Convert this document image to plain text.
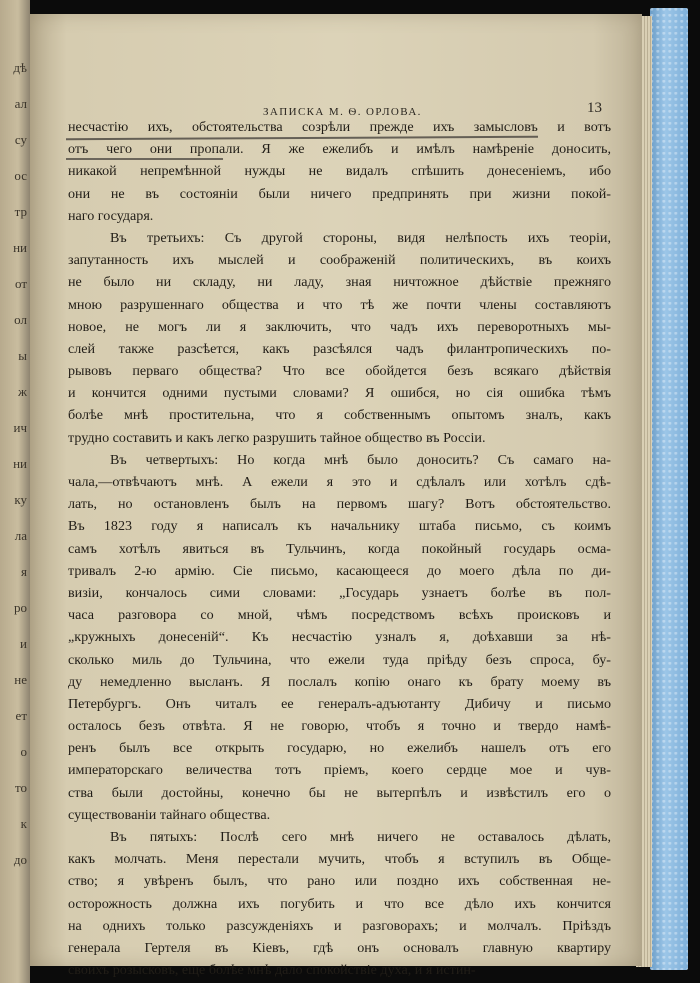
дѣ
ал
су
ос
тр
ни
от
ол
ы
ж
ич
ни
ку
ла
я
ро
и
не
ет
о
то
к
до
ЗАПИСКА М. Ѳ. ОРЛОВА.	13
несчастію ихъ, обстоятельства созрѣли прежде ихъ замысловъ и вотъ
отъ чего они пропали. Я же ежелибъ и имѣлъ намѣреніе доносить,
никакой непремѣнной нужды не видалъ спѣшить донесеніемъ, ибо
они не въ состояніи были ничего предпринять при жизни покой-
наго государя.
Въ третьихъ: Съ другой стороны, видя нелѣпость ихъ теоріи,
запутанность ихъ мыслей и соображеній политическихъ, въ коихъ
не было ни складу, ни ладу, зная ничтожное дѣйствіе прежняго
мною разрушеннаго общества и что тѣ же почти члены составляютъ
новое, не могъ ли я заключить, что чадъ ихъ переворотныхъ мы-
слей также разсѣется, какъ разсѣялся чадъ филантропическихъ по-
рывовъ перваго общества? Что все обойдется безъ всякаго дѣйствія
и кончится одними пустыми словами? Я ошибся, но сія ошибка тѣмъ
болѣе мнѣ простительна, что я собственнымъ опытомъ зналъ, какъ
трудно составить и какъ легко разрушить тайное общество въ Россіи.
Въ четвертыхъ: Но когда мнѣ было доносить? Съ самаго на-
чала,—отвѣчаютъ мнѣ. А ежели я это и сдѣлалъ или хотѣлъ сдѣ-
лать, но остановленъ былъ на первомъ шагу? Вотъ обстоятельство.
Въ 1823 году я написалъ къ начальнику штаба письмо, съ коимъ
самъ хотѣлъ явиться въ Тульчинъ, когда покойный государь осма-
тривалъ 2-ю армію. Сіе письмо, касающееся до моего дѣла по ди-
визіи, кончалось сими словами: „Государь узнаетъ болѣе въ пол-
часа разговора со мной, чѣмъ посредствомъ всѣхъ происковъ и
„кружныхъ донесеній“. Къ несчастію узналъ я, доѣхавши за нѣ-
сколько миль до Тульчина, что ежели туда пріѣду безъ спроса, бу-
ду немедленно высланъ. Я послалъ копію онаго къ брату моему въ
Петербургъ. Онъ читалъ ее генералъ-адъютанту Дибичу и письмо
осталось безъ отвѣта. Я не говорю, чтобъ я точно и твердо намѣ-
ренъ былъ все открыть государю, но ежелибъ нашелъ отъ его
императорскаго величества тотъ пріемъ, коего сердце мое и чув-
ства были достойны, конечно бы не вытерпѣлъ и извѣстилъ его о
существованіи тайнаго общества.
Въ пятыхъ: Послѣ сего мнѣ ничего не оставалось дѣлать,
какъ молчать. Меня перестали мучить, чтобъ я вступилъ въ Обще-
ство; я увѣренъ былъ, что рано или поздно ихъ собственная не-
осторожность должна ихъ погубить и что все дѣло ихъ кончится
на однихъ только разсужденіяхъ и разговорахъ; и молчалъ. Пріѣздъ
генерала Гертеля въ Кіевъ, гдѣ онъ основалъ главную квартиру
своихъ розысковъ, еще болѣе мнѣ дало спокойствіе духа, и я истин-
